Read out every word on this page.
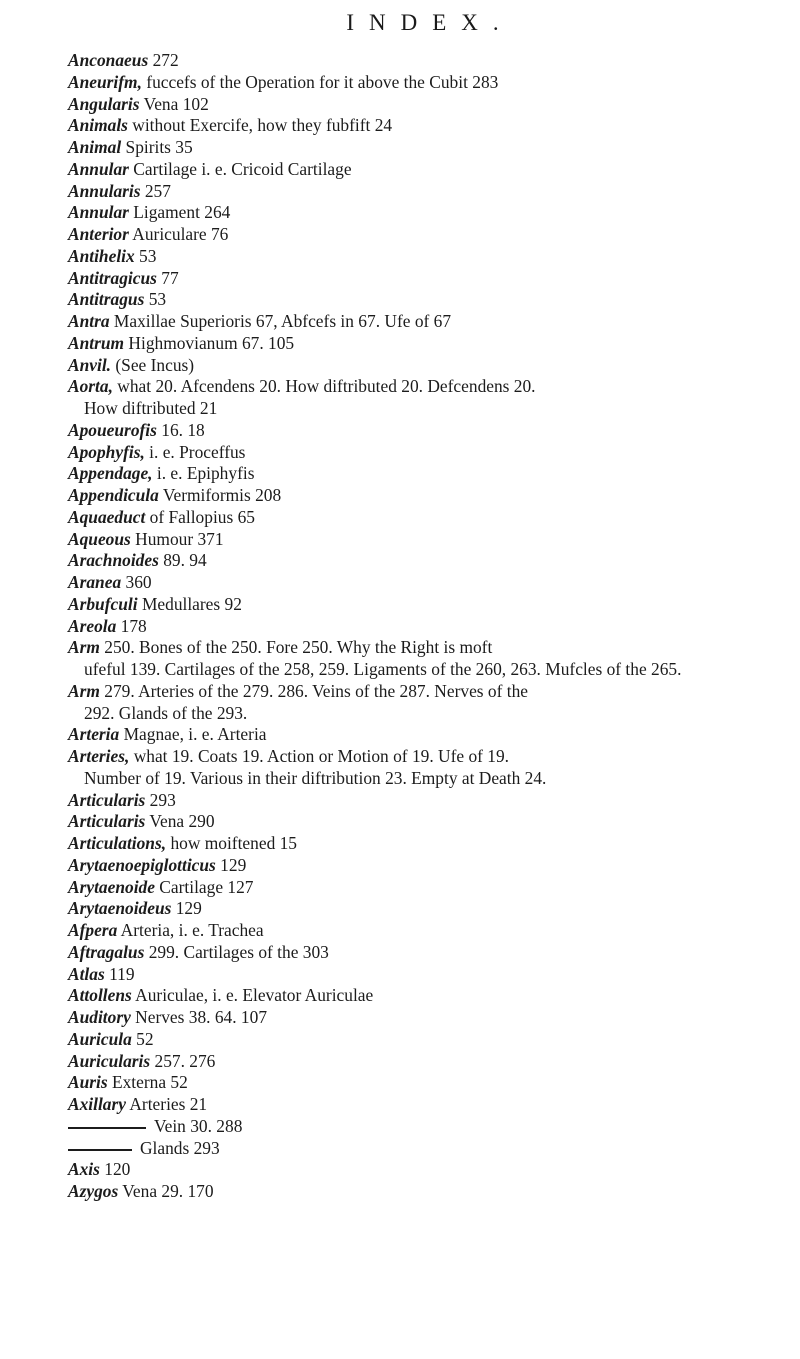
INDEX.
Anconaeus 272
Aneurifm, fuccefs of the Operation for it above the Cubit 283
Angularis Vena 102
Animals without Exercife, how they fubfift 24
Animal Spirits 35
Annular Cartilage i. e. Cricoid Cartilage
Annularis 257
Annular Ligament 264
Anterior Auriculare 76
Antihelix 53
Antitragicus 77
Antitragus 53
Antra Maxillae Superioris 67, Abfcefs in 67. Ufe of 67
Antrum Highmovianum 67. 105
Anvil. (See Incus)
Aorta, what 20. Afcendens 20. How diftributed 20. Defcendens 20.
How diftributed 21
Apoueurofis 16. 18
Apophyfis, i. e. Proceffus
Appendage, i. e. Epiphyfis
Appendicula Vermiformis 208
Aquaeduct of Fallopius 65
Aqueous Humour 371
Arachnoides 89. 94
Aranea 360
Arbufculi Medullares 92
Areola 178
Arm 250. Bones of the 250. Fore 250. Why the Right is moft
ufeful 139. Cartilages of the 258, 259. Ligaments of the 260, 263. Mufcles of the 265.
Arm 279. Arteries of the 279. 286. Veins of the 287. Nerves of the
292. Glands of the 293.
Arteria Magnae, i. e. Arteria
Arteries, what 19. Coats 19. Action or Motion of 19. Ufe of 19.
Number of 19. Various in their diftribution 23. Empty at Death 24.
Articularis 293
Articularis Vena 290
Articulations, how moiftened 15
Arytaenoepiglotticus 129
Arytaenoide Cartilage 127
Arytaenoideus 129
Afpera Arteria, i. e. Trachea
Aftragalus 299. Cartilages of the 303
Atlas 119
Attollens Auriculae, i. e. Elevator Auriculae
Auditory Nerves 38. 64. 107
Auricula 52
Auricularis 257. 276
Auris Externa 52
Axillary Arteries 21
Vein 30. 288
Glands 293
Axis 120
Azygos Vena 29. 170
